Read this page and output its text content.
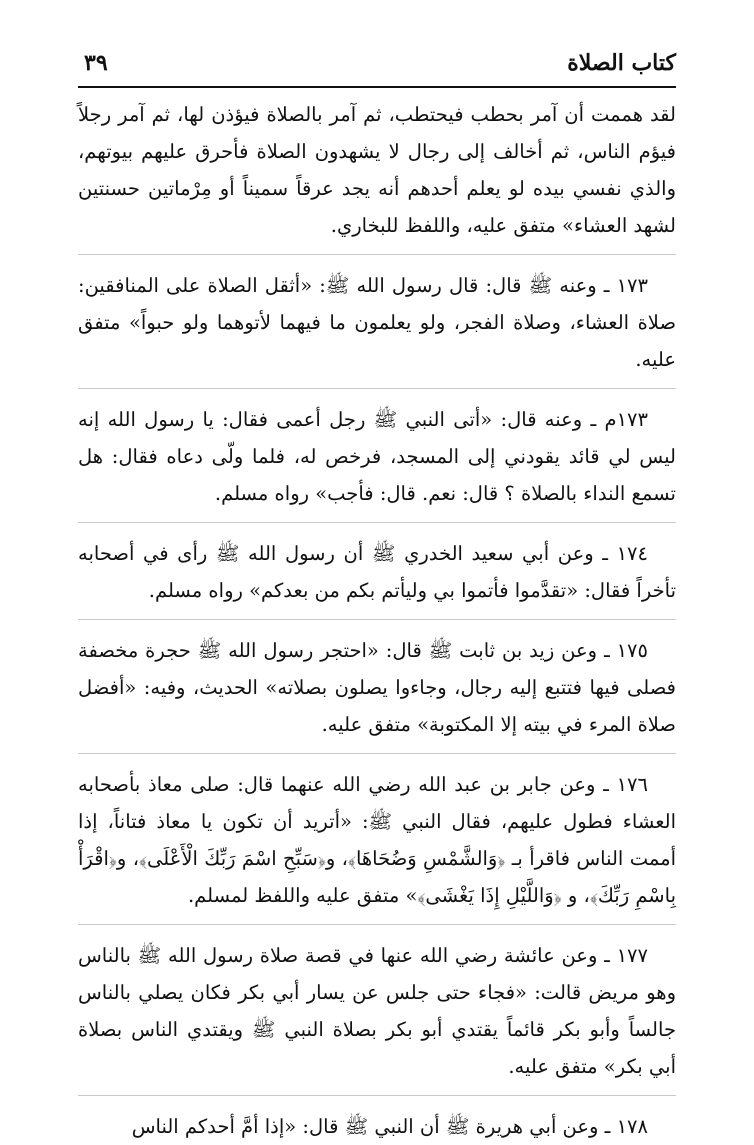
كتاب الصلاة
٣٩

لقد هممت أن آمر بحطب فيحتطب، ثم آمر بالصلاة فيؤذن لها، ثم آمر رجلاً فيؤم الناس، ثم أخالف إلى رجال لا يشهدون الصلاة فأحرق عليهم بيوتهم، والذي نفسي بيده لو يعلم أحدهم أنه يجد عرقاً سميناً أو مِرْماتين حسنتين لشهد العشاء» متفق عليه، واللفظ للبخاري.

١٧٣ ـ وعنه ﷺ قال: قال رسول الله ﷺ: «أثقل الصلاة على المنافقين: صلاة العشاء، وصلاة الفجر، ولو يعلمون ما فيهما لأتوهما ولو حبواً» متفق عليه.

١٧٣م ـ وعنه قال: «أتى النبي ﷺ رجل أعمى فقال: يا رسول الله إنه ليس لي قائد يقودني إلى المسجد، فرخص له، فلما ولّى دعاه فقال: هل تسمع النداء بالصلاة ؟ قال: نعم. قال: فأجب» رواه مسلم.

١٧٤ ـ وعن أبي سعيد الخدري ﷺ أن رسول الله ﷺ رأى في أصحابه تأخراً فقال: «تقدَّموا فأتموا بي وليأتم بكم من بعدكم» رواه مسلم.

١٧٥ ـ وعن زيد بن ثابت ﷺ قال: «احتجر رسول الله ﷺ حجرة مخصفة فصلى فيها فتتبع إليه رجال، وجاءوا يصلون بصلاته» الحديث، وفيه: «أفضل صلاة المرء في بيته إلا المكتوبة» متفق عليه.

١٧٦ ـ وعن جابر بن عبد الله رضي الله عنهما قال: صلى معاذ بأصحابه العشاء فطول عليهم، فقال النبي ﷺ: «أتريد أن تكون يا معاذ فتاناً، إذا أممت الناس فاقرأ بـ ﴿وَالشَّمْسِ وَضُحَاهَا﴾، و﴿سَبِّحِ اسْمَ رَبِّكَ الْأَعْلَى﴾، و﴿اقْرَأْ بِاسْمِ رَبِّكَ﴾، و ﴿وَاللَّيْلِ إِذَا يَغْشَى﴾» متفق عليه واللفظ لمسلم.

١٧٧ ـ وعن عائشة رضي الله عنها في قصة صلاة رسول الله ﷺ بالناس وهو مريض قالت: «فجاء حتى جلس عن يسار أبي بكر فكان يصلي بالناس جالساً وأبو بكر قائماً يقتدي أبو بكر بصلاة النبي ﷺ ويقتدي الناس بصلاة أبي بكر» متفق عليه.

١٧٨ ـ وعن أبي هريرة ﷺ أن النبي ﷺ قال: «إذا أمَّ أحدكم الناس
